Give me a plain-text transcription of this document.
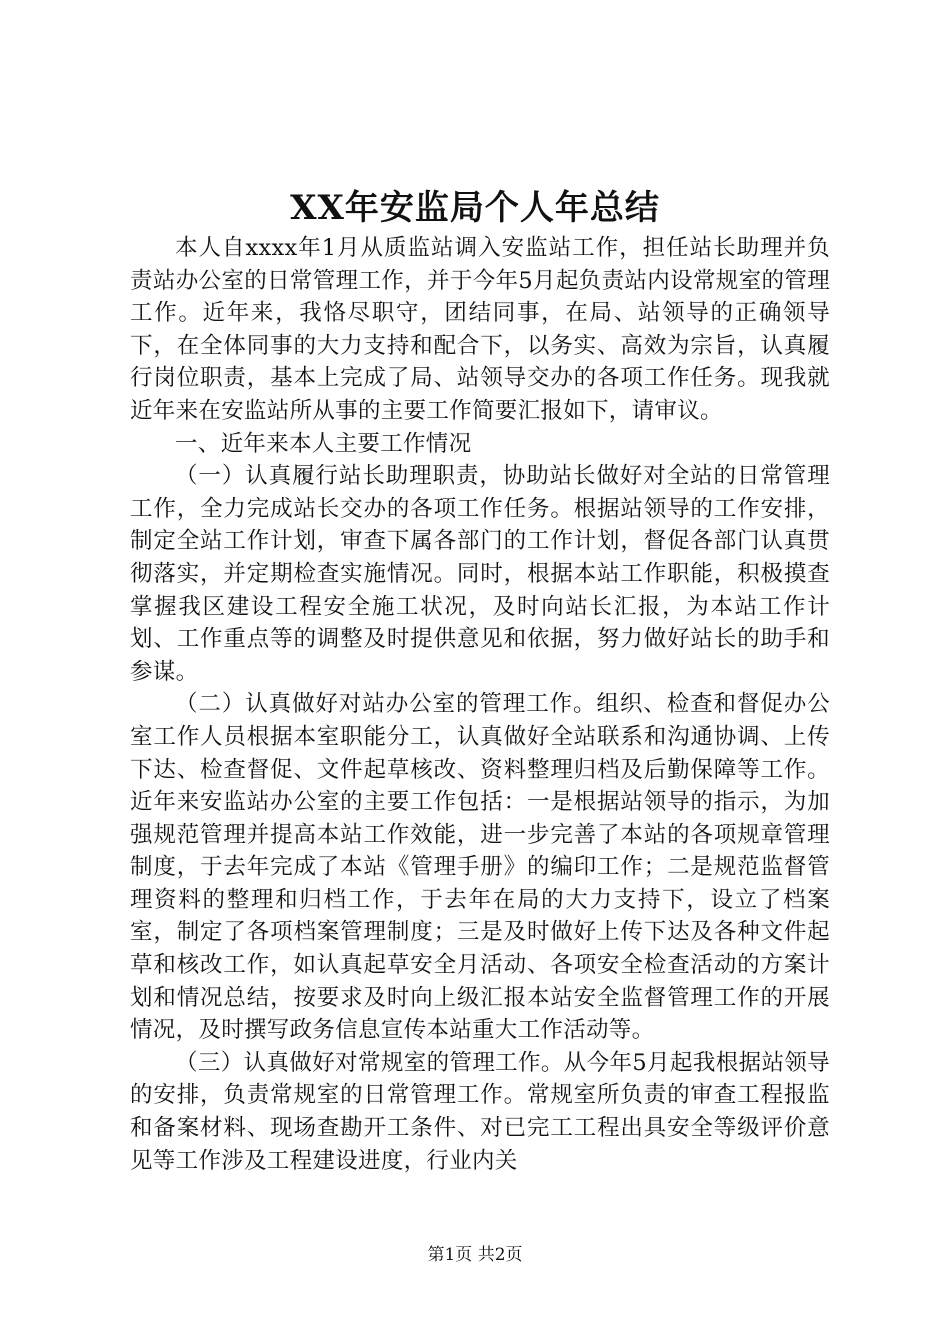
XX年安监局个人年总结

本人自xxxx年1月从质监站调入安监站工作，担任站长助理并负责站办公室的日常管理工作，并于今年5月起负责站内设常规室的管理工作。近年来，我恪尽职守，团结同事，在局、站领导的正确领导下，在全体同事的大力支持和配合下，以务实、高效为宗旨，认真履行岗位职责，基本上完成了局、站领导交办的各项工作任务。现我就近年来在安监站所从事的主要工作简要汇报如下，请审议。

一、近年来本人主要工作情况

（一）认真履行站长助理职责，协助站长做好对全站的日常管理工作，全力完成站长交办的各项工作任务。根据站领导的工作安排，制定全站工作计划，审查下属各部门的工作计划，督促各部门认真贯彻落实，并定期检查实施情况。同时，根据本站工作职能，积极摸查掌握我区建设工程安全施工状况，及时向站长汇报，为本站工作计划、工作重点等的调整及时提供意见和依据，努力做好站长的助手和参谋。

（二）认真做好对站办公室的管理工作。组织、检查和督促办公室工作人员根据本室职能分工，认真做好全站联系和沟通协调、上传下达、检查督促、文件起草核改、资料整理归档及后勤保障等工作。近年来安监站办公室的主要工作包括：一是根据站领导的指示，为加强规范管理并提高本站工作效能，进一步完善了本站的各项规章管理制度，于去年完成了本站《管理手册》的编印工作；二是规范监督管理资料的整理和归档工作，于去年在局的大力支持下，设立了档案室，制定了各项档案管理制度；三是及时做好上传下达及各种文件起草和核改工作，如认真起草安全月活动、各项安全检查活动的方案计划和情况总结，按要求及时向上级汇报本站安全监督管理工作的开展情况，及时撰写政务信息宣传本站重大工作活动等。

（三）认真做好对常规室的管理工作。从今年5月起我根据站领导的安排，负责常规室的日常管理工作。常规室所负责的审查工程报监和备案材料、现场查勘开工条件、对已完工工程出具安全等级评价意见等工作涉及工程建设进度，行业内关

第1页 共2页
